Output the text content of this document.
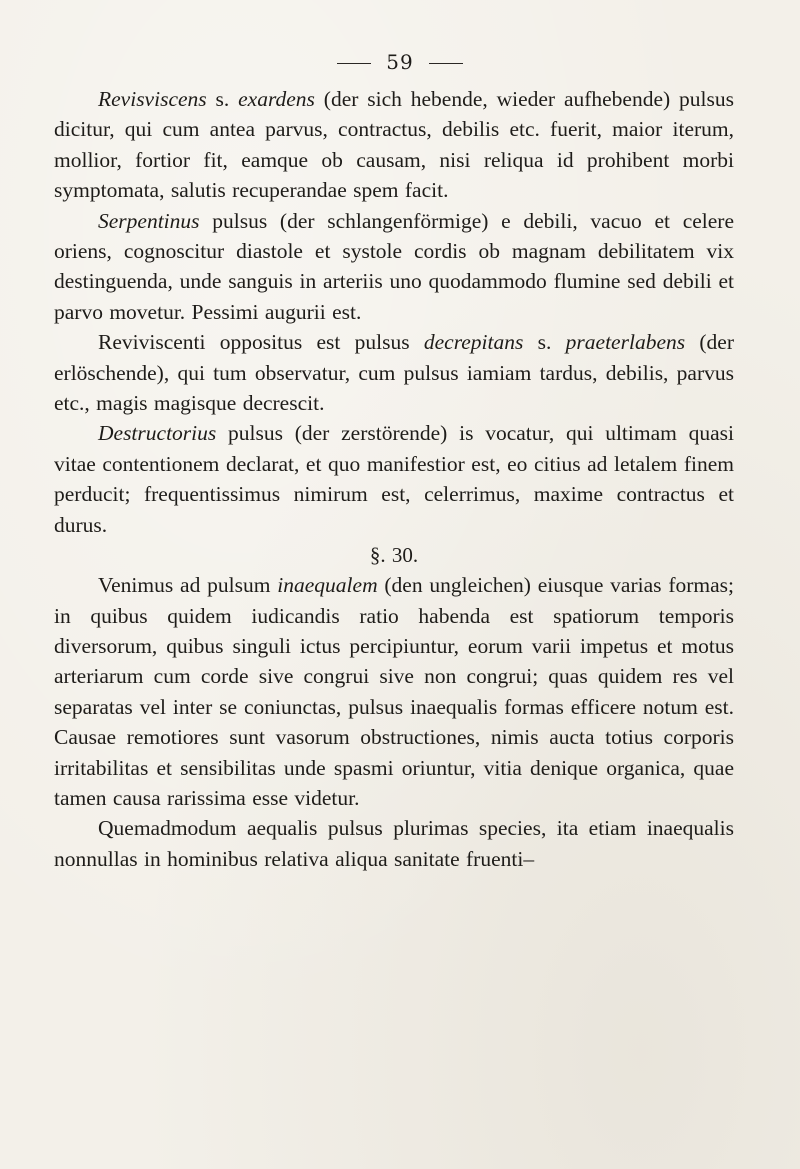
59

Revisviscens s. exardens (der sich hebende, wieder aufhebende) pulsus dicitur, qui cum antea parvus, contractus, debilis etc. fuerit, maior iterum, mollior, fortior fit, eamque ob causam, nisi reliqua id prohibent morbi symptomata, salutis recuperandae spem facit.

Serpentinus pulsus (der schlangenförmige) e debili, vacuo et celere oriens, cognoscitur diastole et systole cordis ob magnam debilitatem vix destinguenda, unde sanguis in arteriis uno quodammodo flumine sed debili et parvo movetur. Pessimi augurii est.

Reviviscenti oppositus est pulsus decrepitans s. praeterlabens (der erlöschende), qui tum observatur, cum pulsus iamiam tardus, debilis, parvus etc., magis magisque decrescit.

Destructorius pulsus (der zerstörende) is vocatur, qui ultimam quasi vitae contentionem declarat, et quo manifestior est, eo citius ad letalem finem perducit; frequentissimus nimirum est, celerrimus, maxime contractus et durus.

§. 30.

Venimus ad pulsum inaequalem (den ungleichen) eiusque varias formas; in quibus quidem iudicandis ratio habenda est spatiorum temporis diversorum, quibus singuli ictus percipiuntur, eorum varii impetus et motus arteriarum cum corde sive congrui sive non congrui; quas quidem res vel separatas vel inter se coniunctas, pulsus inaequalis formas efficere notum est. Causae remotiores sunt vasorum obstructiones, nimis aucta totius corporis irritabilitas et sensibilitas unde spasmi oriuntur, vitia denique organica, quae tamen causa rarissima esse videtur.

Quemadmodum aequalis pulsus plurimas species, ita etiam inaequalis nonnullas in hominibus relativa aliqua sanitate fruenti–
